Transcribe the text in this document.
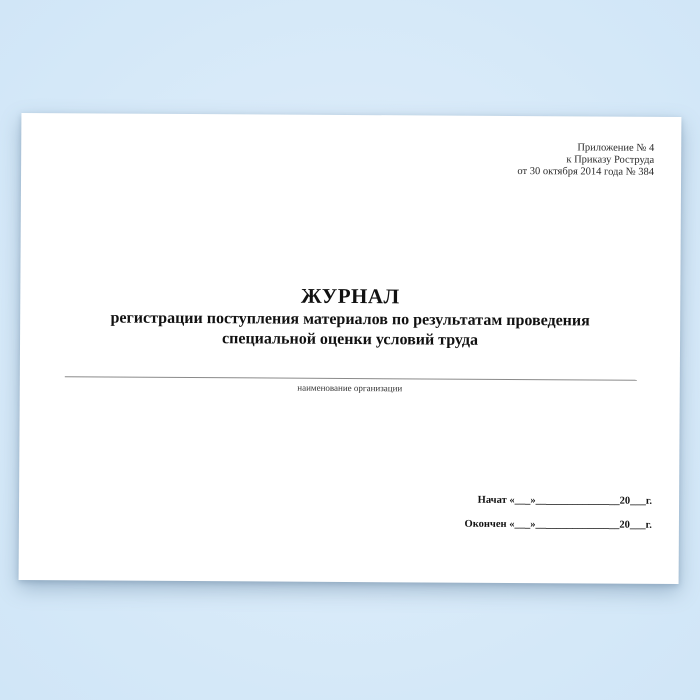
Приложение № 4
к Приказу Роструда
от 30 октября 2014 года № 384
ЖУРНАЛ
регистрации поступления материалов по результатам проведения
специальной оценки условий труда
наименование организации
Начат «___»________________20___г.
Окончен «___»________________20___г.
